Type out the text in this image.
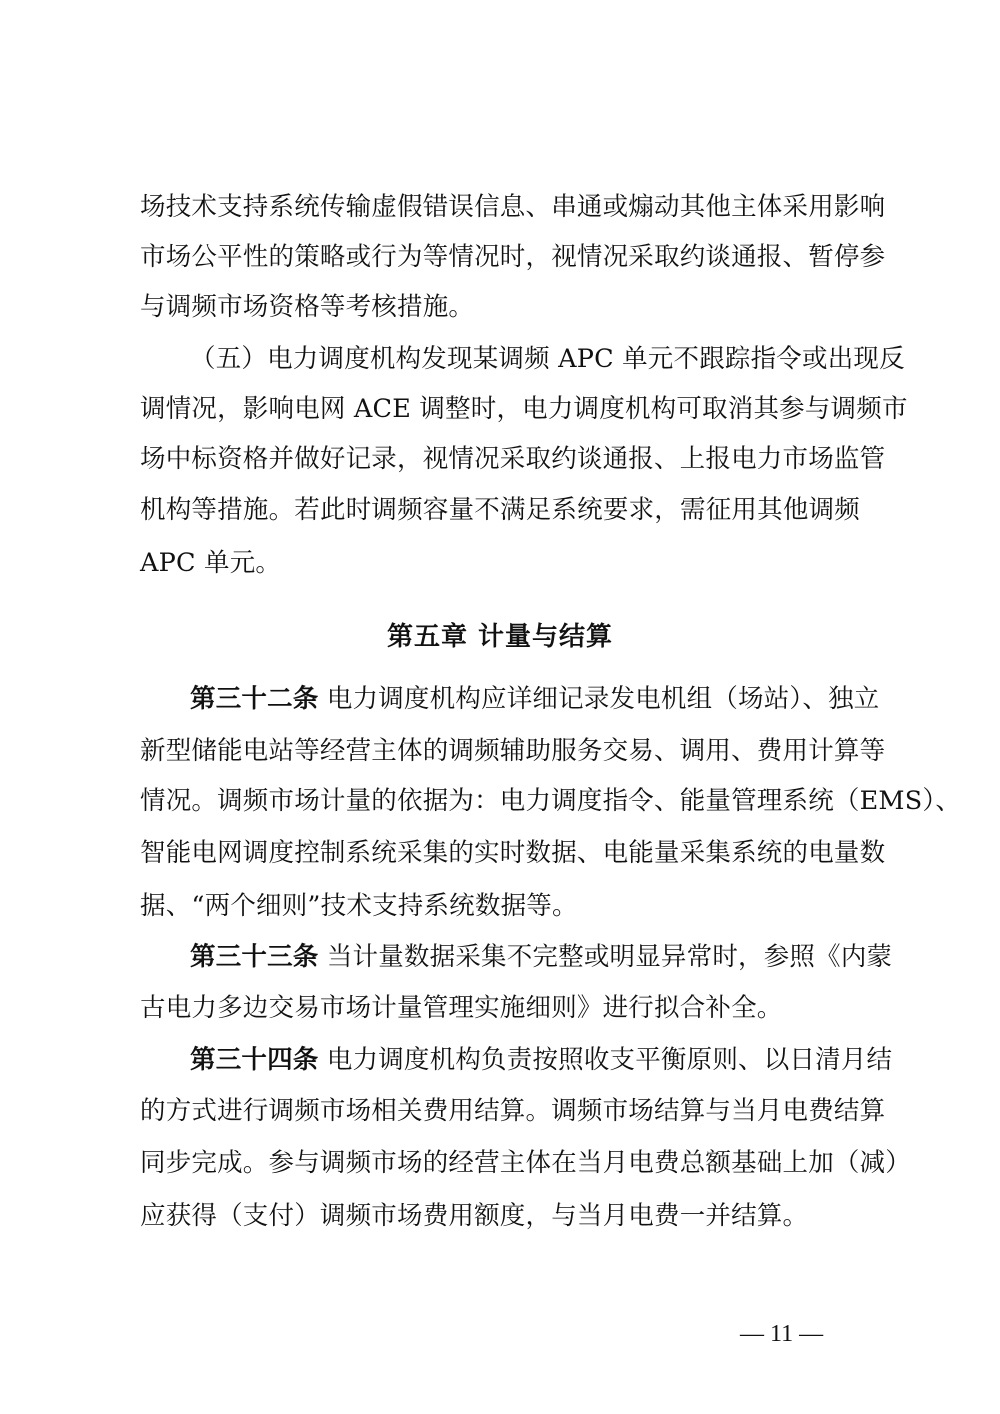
场技术支持系统传输虚假错误信息、串通或煽动其他主体采用影响
市场公平性的策略或行为等情况时，视情况采取约谈通报、暂停参
与调频市场资格等考核措施。
（五）电力调度机构发现某调频 APC 单元不跟踪指令或出现反
调情况，影响电网 ACE 调整时，电力调度机构可取消其参与调频市
场中标资格并做好记录，视情况采取约谈通报、上报电力市场监管
机构等措施。若此时调频容量不满足系统要求，需征用其他调频
APC 单元。
第五章 计量与结算
第三十二条 电力调度机构应详细记录发电机组（场站）、独立
新型储能电站等经营主体的调频辅助服务交易、调用、费用计算等
情况。调频市场计量的依据为：电力调度指令、能量管理系统（EMS）、
智能电网调度控制系统采集的实时数据、电能量采集系统的电量数
据、“两个细则”技术支持系统数据等。
第三十三条 当计量数据采集不完整或明显异常时，参照《内蒙
古电力多边交易市场计量管理实施细则》进行拟合补全。
第三十四条 电力调度机构负责按照收支平衡原则、以日清月结
的方式进行调频市场相关费用结算。调频市场结算与当月电费结算
同步完成。参与调频市场的经营主体在当月电费总额基础上加（减）
应获得（支付）调频市场费用额度，与当月电费一并结算。
— 11 —
